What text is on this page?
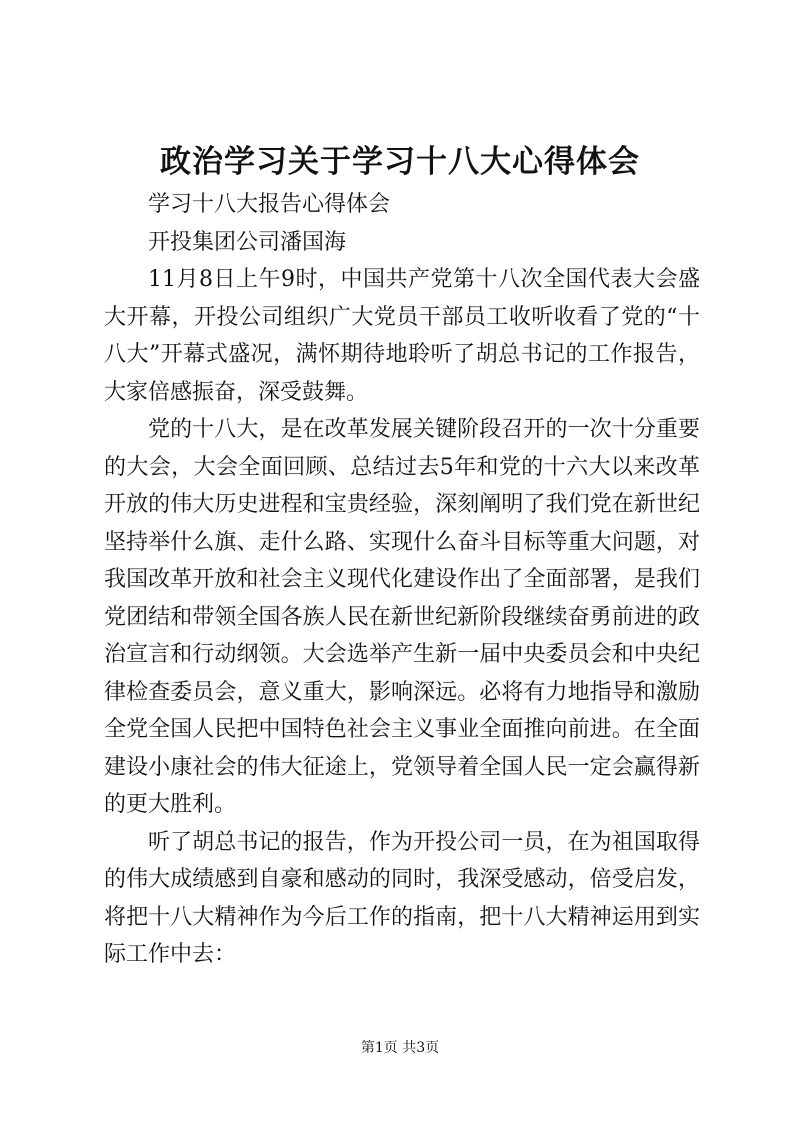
政治学习关于学习十八大心得体会

学习十八大报告心得体会

开投集团公司潘国海

11月8日上午9时，中国共产党第十八次全国代表大会盛大开幕，开投公司组织广大党员干部员工收听收看了党的“十八大”开幕式盛况，满怀期待地聆听了胡总书记的工作报告，大家倍感振奋，深受鼓舞。

党的十八大，是在改革发展关键阶段召开的一次十分重要的大会，大会全面回顾、总结过去5年和党的十六大以来改革开放的伟大历史进程和宝贵经验，深刻阐明了我们党在新世纪坚持举什么旗、走什么路、实现什么奋斗目标等重大问题，对我国改革开放和社会主义现代化建设作出了全面部署，是我们党团结和带领全国各族人民在新世纪新阶段继续奋勇前进的政治宣言和行动纲领。大会选举产生新一届中央委员会和中央纪律检查委员会，意义重大，影响深远。必将有力地指导和激励全党全国人民把中国特色社会主义事业全面推向前进。在全面建设小康社会的伟大征途上，党领导着全国人民一定会赢得新的更大胜利。

听了胡总书记的报告，作为开投公司一员，在为祖国取得的伟大成绩感到自豪和感动的同时，我深受感动，倍受启发，将把十八大精神作为今后工作的指南，把十八大精神运用到实际工作中去：

第1页 共3页
